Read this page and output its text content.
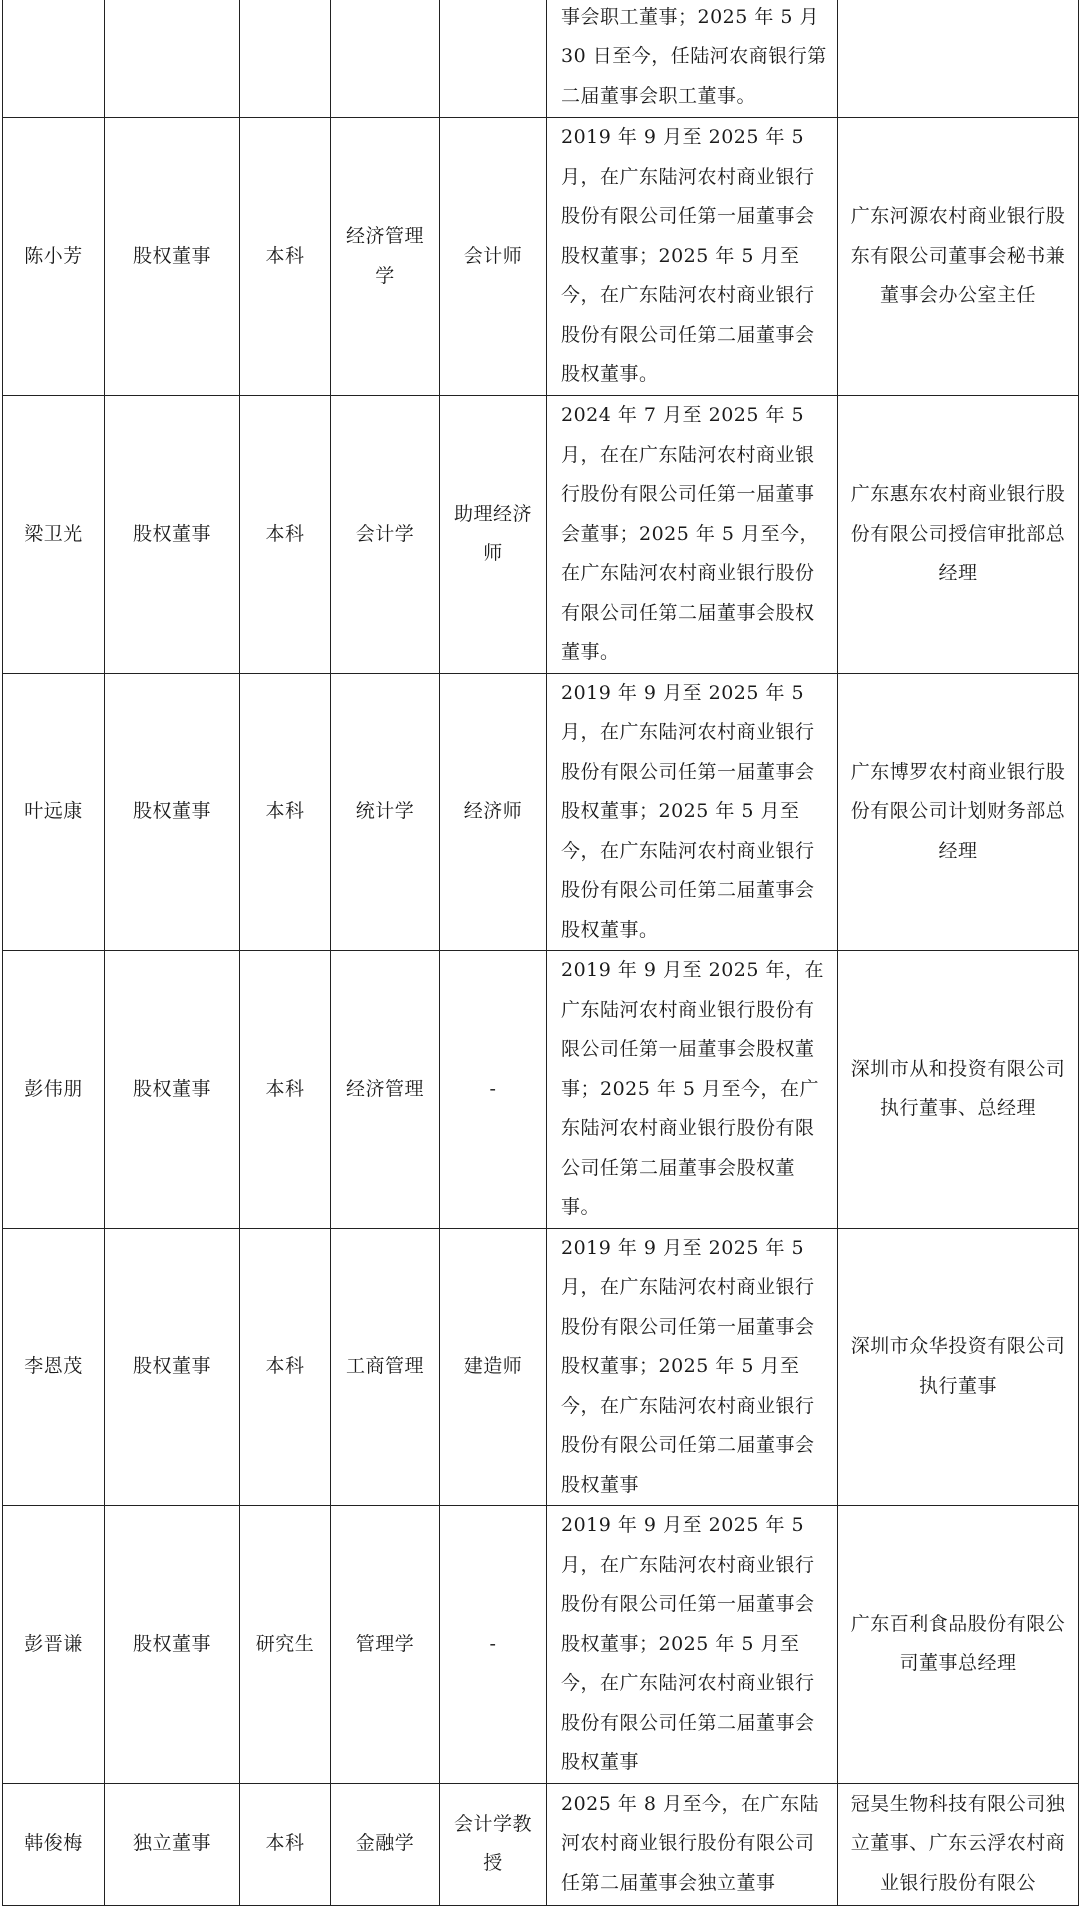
					事会职工董事；2025 年 5 月 30 日至今，任陆河农商银行第二届董事会职工董事。	
陈小芳	股权董事	本科	经济管理学	会计师	2019 年 9 月至 2025 年 5 月，在广东陆河农村商业银行股份有限公司任第一届董事会股权董事；2025 年 5 月至今，在广东陆河农村商业银行股份有限公司任第二届董事会股权董事。	广东河源农村商业银行股东有限公司董事会秘书兼董事会办公室主任
梁卫光	股权董事	本科	会计学	助理经济师	2024 年 7 月至 2025 年 5 月，在在广东陆河农村商业银行股份有限公司任第一届董事会董事；2025 年 5 月至今，在广东陆河农村商业银行股份有限公司任第二届董事会股权董事。	广东惠东农村商业银行股份有限公司授信审批部总经理
叶远康	股权董事	本科	统计学	经济师	2019 年 9 月至 2025 年 5 月，在广东陆河农村商业银行股份有限公司任第一届董事会股权董事；2025 年 5 月至今，在广东陆河农村商业银行股份有限公司任第二届董事会股权董事。	广东博罗农村商业银行股份有限公司计划财务部总经理
彭伟朋	股权董事	本科	经济管理	-	2019 年 9 月至 2025 年，在广东陆河农村商业银行股份有限公司任第一届董事会股权董事；2025 年 5 月至今，在广东陆河农村商业银行股份有限公司任第二届董事会股权董事。	深圳市从和投资有限公司执行董事、总经理
李恩茂	股权董事	本科	工商管理	建造师	2019 年 9 月至 2025 年 5 月，在广东陆河农村商业银行股份有限公司任第一届董事会股权董事；2025 年 5 月至今，在广东陆河农村商业银行股份有限公司任第二届董事会股权董事	深圳市众华投资有限公司执行董事
彭晋谦	股权董事	研究生	管理学	-	2019 年 9 月至 2025 年 5 月，在广东陆河农村商业银行股份有限公司任第一届董事会股权董事；2025 年 5 月至今，在广东陆河农村商业银行股份有限公司任第二届董事会股权董事	广东百利食品股份有限公司董事总经理
韩俊梅	独立董事	本科	金融学	会计学教授	2025 年 8 月至今，在广东陆河农村商业银行股份有限公司任第二届董事会独立董事	冠昊生物科技有限公司独立董事、广东云浮农村商业银行股份有限公
